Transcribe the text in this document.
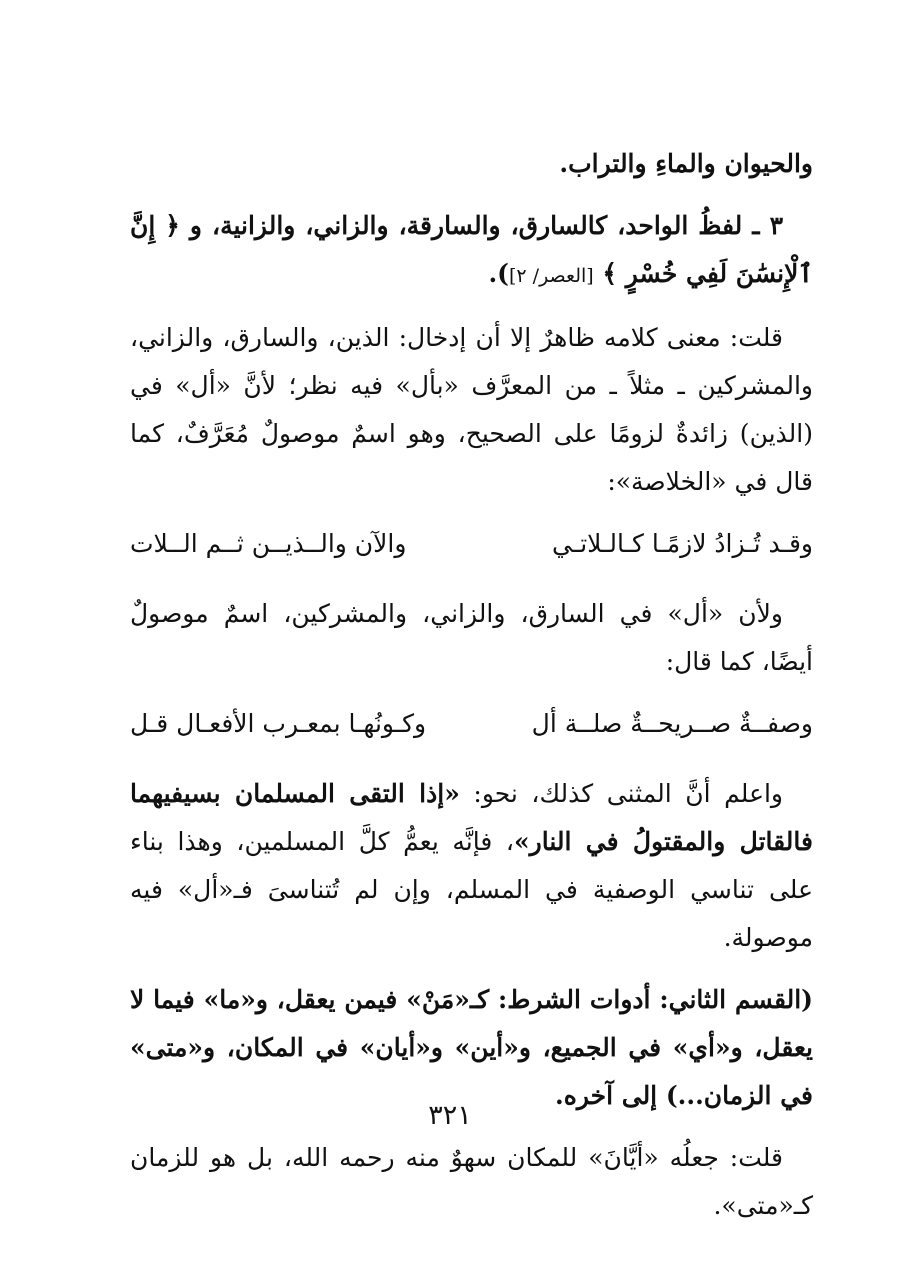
والحيوان والماءِ والتراب.

٣ ـ لفظُ الواحد، كالسارق، والسارقة، والزاني، والزانية، و ﴿ إِنَّ ٱلْإِنسَٰنَ لَفِي خُسْرٍ ﴾ [العصر/ ٢]).

قلت: معنى كلامه ظاهرٌ إلا أن إدخال: الذين، والسارق، والزاني، والمشركين ـ مثلاً ـ من المعرَّف «بأل» فيه نظر؛ لأنَّ «أل» في (الذين) زائدةٌ لزومًا على الصحيح، وهو اسمٌ موصولٌ مُعَرَّفٌ، كما قال في «الخلاصة»:

وقـد تُـزادُ لازمًـا كـالـلاتـي
والآن والــذيــن ثــم الــلات

ولأن «أل» في السارق، والزاني، والمشركين، اسمٌ موصولٌ أيضًا، كما قال:

وصفــةٌ صــريحــةٌ صلــة أل
وكـونُهـا بمعـرب الأفعـال قـل

واعلم أنَّ المثنى كذلك، نحو: «إذا التقى المسلمان بسيفيهما فالقاتل والمقتولُ في النار»، فإنَّه يعمُّ كلَّ المسلمين، وهذا بناء على تناسي الوصفية في المسلم، وإن لم تُتناسىَ فـ«أل» فيه موصولة.

(القسم الثاني: أدوات الشرط: كـ«مَنْ» فيمن يعقل، و«ما» فيما لا يعقل، و«أي» في الجميع، و«أين» و«أيان» في المكان، و«متى» في الزمان...) إلى آخره.

قلت: جعلُه «أيَّانَ» للمكان سهوٌ منه رحمه الله، بل هو للزمان كـ«متى».

٣٢١
